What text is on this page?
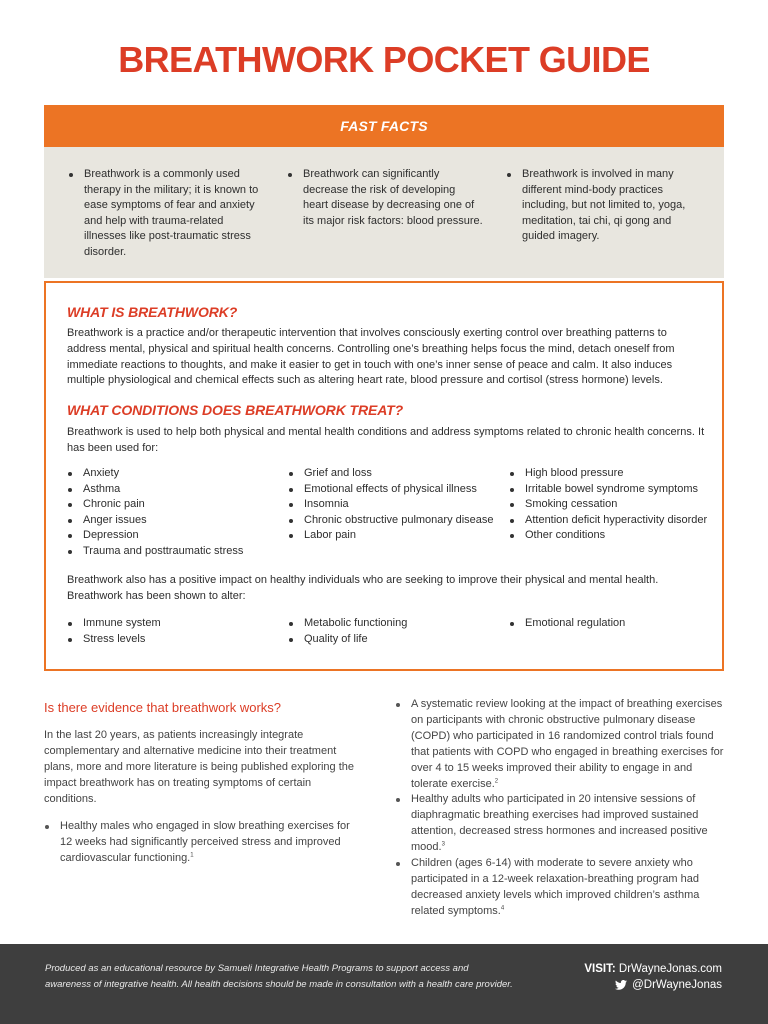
BREATHWORK POCKET GUIDE
FAST FACTS
Breathwork is a commonly used therapy in the military; it is known to ease symptoms of fear and anxiety and help with trauma-related illnesses like post-traumatic stress disorder.
Breathwork can significantly decrease the risk of developing heart disease by decreasing one of its major risk factors: blood pressure.
Breathwork is involved in many different mind-body practices including, but not limited to, yoga, meditation, tai chi, qi gong and guided imagery.
WHAT IS BREATHWORK?

Breathwork is a practice and/or therapeutic intervention that involves consciously exerting control over breathing patterns to address mental, physical and spiritual health concerns. Controlling one’s breathing helps focus the mind, detach oneself from immediate reactions to thoughts, and make it easier to get in touch with one’s inner sense of peace and calm. It also induces multiple physiological and chemical effects such as altering heart rate, blood pressure and cortisol (stress hormone) levels.

WHAT CONDITIONS DOES BREATHWORK TREAT?

Breathwork is used to help both physical and mental health conditions and address symptoms related to chronic health concerns. It has been used for:

Anxiety
Asthma
Chronic pain
Anger issues
Depression
Trauma and posttraumatic stress
Grief and loss
Emotional effects of physical illness
Insomnia
Chronic obstructive pulmonary disease
Labor pain
High blood pressure
Irritable bowel syndrome symptoms
Smoking cessation
Attention deficit hyperactivity disorder
Other conditions

Breathwork also has a positive impact on healthy individuals who are seeking to improve their physical and mental health. Breathwork has been shown to alter:

Immune system
Stress levels
Metabolic functioning
Quality of life
Emotional regulation
Is there evidence that breathwork works?

In the last 20 years, as patients increasingly integrate complementary and alternative medicine into their treatment plans, more and more literature is being published exploring the impact breathwork has on treating symptoms of certain conditions.

Healthy males who engaged in slow breathing exercises for 12 weeks had significantly perceived stress and improved cardiovascular functioning.$^1$
A systematic review looking at the impact of breathing exercises on participants with chronic obstructive pulmonary disease (COPD) who participated in 16 randomized control trials found that patients with COPD who engaged in breathing exercises for over 4 to 15 weeks improved their ability to engage in and tolerate exercise.$^2$
Healthy adults who participated in 20 intensive sessions of diaphragmatic breathing exercises had improved sustained attention, decreased stress hormones and increased positive mood.$^3$
Children (ages 6-14) with moderate to severe anxiety who participated in a 12-week relaxation-breathing program had decreased anxiety levels which improved children’s asthma related symptoms.$^4$

Produced as an educational resource by Samueli Integrative Health Programs to support access and awareness of integrative health. All health decisions should be made in consultation with a health care provider.

VISIT: DrWayneJonas.com
@DrWayneJonas
